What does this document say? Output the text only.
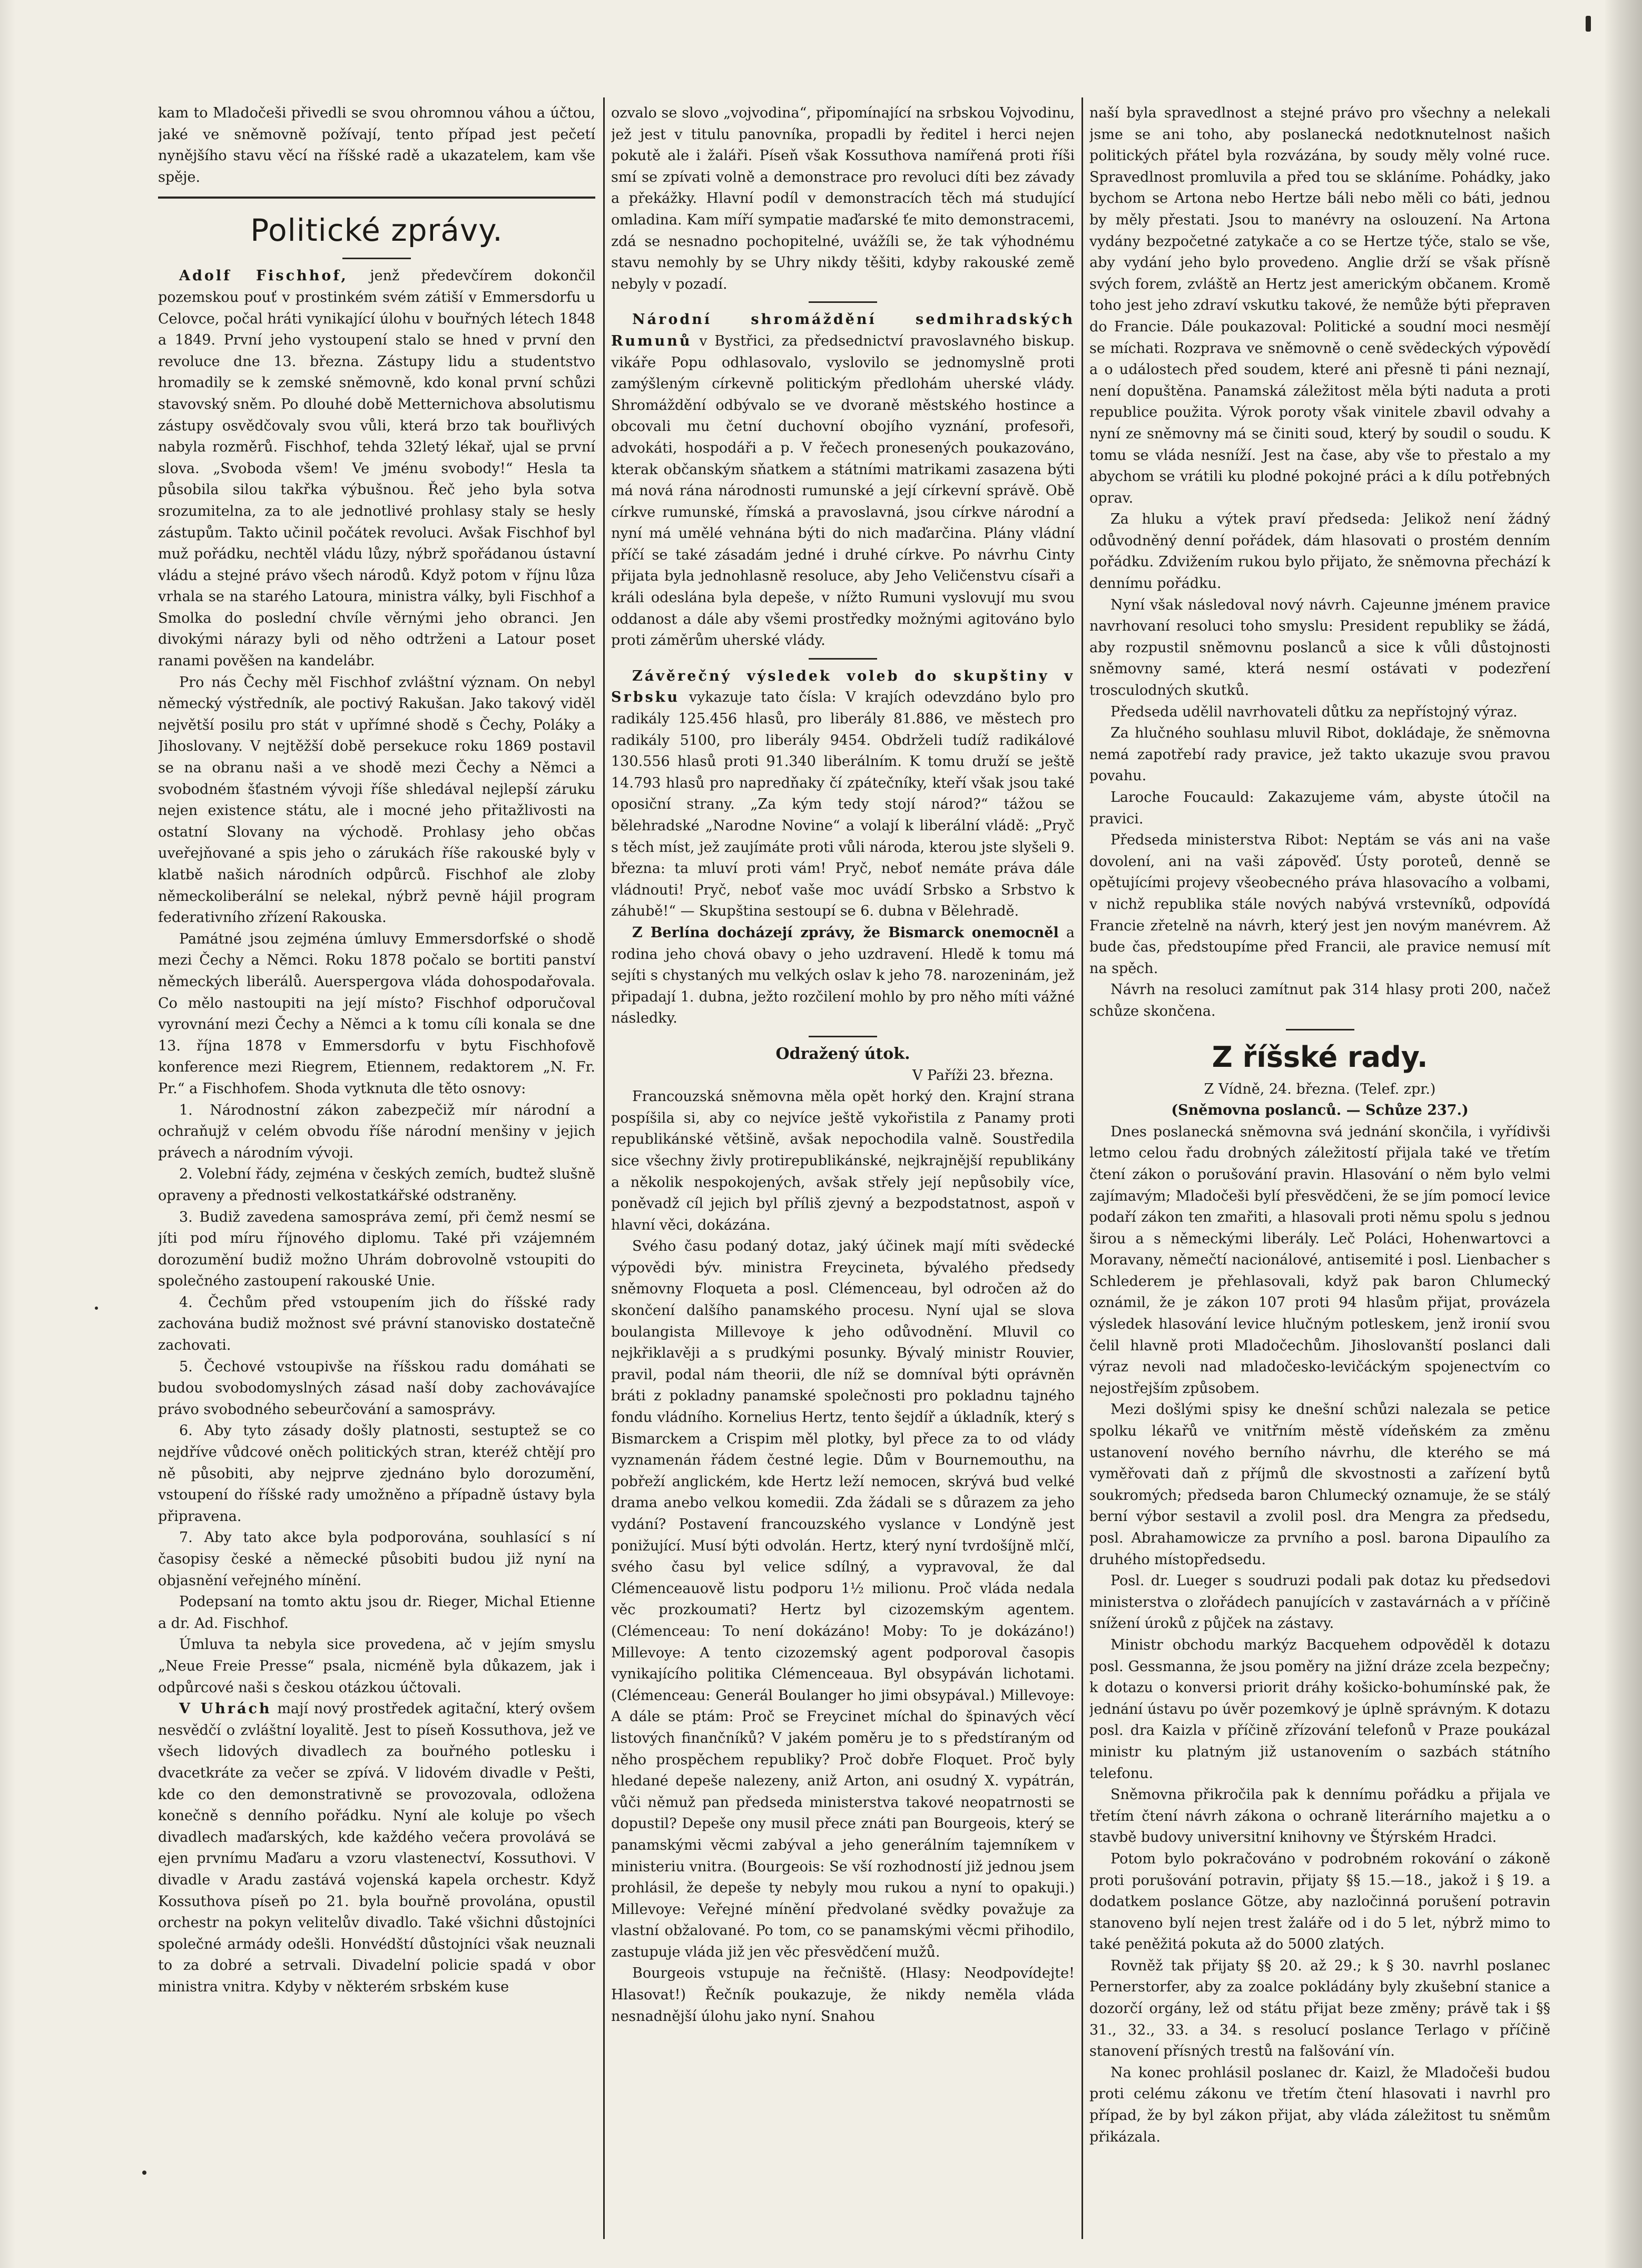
kam to Mladočeši přivedli se svou ohromnou váhou a účtou, jaké ve sněmovně požívají, tento případ jest pečetí nynějšího stavu věcí na říšské radě a ukazatelem, kam vše spěje.

Politické zprávy.

Adolf Fischhof, jenž předevčírem dokončil pozemskou pouť v prostinkém svém zátiší v Emmersdorfu u Celovce, počal hráti vynikající úlohu v bouřných létech 1848 a 1849. První jeho vystoupení stalo se hned v první den revoluce dne 13. března. Zástupy lidu a studentstvo hromadily se k zemské sněmovně, kdo konal první schůzi stavovský sněm. Po dlouhé době Metternichova absolutismu zástupy osvědčovaly svou vůli, která brzo tak bouřlivých nabyla rozměrů. Fischhof, tehda 32letý lékař, ujal se první slova. „Svoboda všem! Ve jménu svobody!“ Hesla ta působila silou takřka výbušnou. Řeč jeho byla sotva srozumitelna, za to ale jednotlivé prohlasy staly se hesly zástupům. Takto učinil počátek revoluci. Avšak Fischhof byl muž pořádku, nechtěl vládu lůzy, nýbrž spořádanou ústavní vládu a stejné právo všech národů. Když potom v říjnu lůza vrhala se na starého Latoura, ministra války, byli Fischhof a Smolka do poslední chvíle věrnými jeho obranci. Jen divokými nárazy byli od něho odtrženi a Latour poset ranami pověšen na kandelábr.

Pro nás Čechy měl Fischhof zvláštní význam. On nebyl německý výstředník, ale poctivý Rakušan. Jako takový viděl největší posilu pro stát v upřímné shodě s Čechy, Poláky a Jihoslovany. V nejtěžší době persekuce roku 1869 postavil se na obranu naši a ve shodě mezi Čechy a Němci a svobodném šťastném vývoji říše shledával nejlepší záruku nejen existence státu, ale i mocné jeho přitažlivosti na ostatní Slovany na východě. Prohlasy jeho občas uveřejňované a spis jeho o zárukách říše rakouské byly v klatbě našich národních odpůrců. Fischhof ale zloby německoliberální se nelekal, nýbrž pevně hájil program federativního zřízení Rakouska.

Památné jsou zejména úmluvy Emmersdorfské o shodě mezi Čechy a Němci. Roku 1878 počalo se bortiti panství německých liberálů. Auerspergova vláda dohospodařovala. Co mělo nastoupiti na její místo? Fischhof odporučoval vyrovnání mezi Čechy a Němci a k tomu cíli konala se dne 13. října 1878 v Emmersdorfu v bytu Fischhofově konference mezi Riegrem, Etiennem, redaktorem „N. Fr. Pr.“ a Fischhofem. Shoda vytknuta dle těto osnovy:

1. Národnostní zákon zabezpečiž mír národní a ochraňujž v celém obvodu říše národní menšiny v jejich právech a národním vývoji.

2. Volební řády, zejména v českých zemích, budtež slušně opraveny a přednosti velkostatkářské odstraněny.

3. Budiž zavedena samospráva zemí, při čemž nesmí se jíti pod míru říjnového diplomu. Také při vzájemném dorozumění budiž možno Uhrám dobrovolně vstoupiti do společného zastoupení rakouské Unie.

4. Čechům před vstoupením jich do říšské rady zachována budiž možnost své právní stanovisko dostatečně zachovati.

5. Čechové vstoupivše na říšskou radu domáhati se budou svobodomyslných zásad naší doby zachovávajíce právo svobodného sebeurčování a samosprávy.

6. Aby tyto zásady došly platnosti, sestuptež se co nejdříve vůdcové oněch politických stran, kteréž chtějí pro ně působiti, aby nejprve zjednáno bylo dorozumění, vstoupení do říšské rady umožněno a případně ústavy byla připravena.

7. Aby tato akce byla podporována, souhlasící s ní časopisy české a německé působiti budou již nyní na objasnění veřejného mínění.

Podepsaní na tomto aktu jsou dr. Rieger, Michal Etienne a dr. Ad. Fischhof.

Úmluva ta nebyla sice provedena, ač v jejím smyslu „Neue Freie Presse“ psala, nicméně byla důkazem, jak i odpůrcové naši s českou otázkou účtovali.

V Uhrách mají nový prostředek agitační, který ovšem nesvědčí o zvláštní loyalitě. Jest to píseň Kossuthova, jež ve všech lidových divadlech za bouřného potlesku i dvacetkráte za večer se zpívá. V lidovém divadle v Pešti, kde co den demonstrativně se provozovala, odložena konečně s denního pořádku. Nyní ale koluje po všech divadlech maďarských, kde každého večera provolává se ejen prvnímu Maďaru a vzoru vlastenectví, Kossuthovi. V divadle v Aradu zastává vojenská kapela orchestr. Když Kossuthova píseň po 21. byla bouřně provolána, opustil orchestr na pokyn velitelův divadlo. Také všichni důstojníci společné armády odešli. Honvédští důstojníci však neuznali to za dobré a setrvali. Divadelní policie spadá v obor ministra vnitra. Kdyby v některém srbském kuse

ozvalo se slovo „vojvodina“, připomínající na srbskou Vojvodinu, jež jest v titulu panovníka, propadli by ředitel i herci nejen pokutě ale i žaláři. Píseň však Kossuthova namířená proti říši smí se zpívati volně a demonstrace pro revoluci díti bez závady a překážky. Hlavní podíl v demonstracích těch má studující omladina. Kam míří sympatie maďarské ťe mito demonstracemi, zdá se nesnadno pochopitelné, uvážíli se, že tak výhodnému stavu nemohly by se Uhry nikdy těšiti, kdyby rakouské země nebyly v pozadí.

Národní shromáždění sedmihradských Rumunů v Bystřici, za předsednictví pravoslavného biskup. vikáře Popu odhlasovalo, vyslovilo se jednomyslně proti zamýšleným církevně politickým předlohám uherské vlády. Shromáždění odbývalo se ve dvoraně městského hostince a obcovali mu četní duchovní obojího vyznání, profesoři, advokáti, hospodáři a p. V řečech pronesených poukazováno, kterak občanským sňatkem a státními matrikami zasazena býti má nová rána národnosti rumunské a její církevní správě. Obě církve rumunské, římská a pravoslavná, jsou církve národní a nyní má umělé vehnána býti do nich maďarčina. Plány vládní příčí se také zásadám jedné i druhé církve. Po návrhu Cinty přijata byla jednohlasně resoluce, aby Jeho Veličenstvu císaři a králi odeslána byla depeše, v nížto Rumuni vyslovují mu svou oddanost a dále aby všemi prostředky možnými agitováno bylo proti záměrům uherské vlády.

Závěrečný výsledek voleb do skupštiny v Srbsku vykazuje tato čísla: V krajích odevzdáno bylo pro radikály 125.456 hlasů, pro liberály 81.886, ve městech pro radikály 5100, pro liberály 9454. Obdrželi tudíž radikálové 130.556 hlasů proti 91.340 liberálním. K tomu druží se ještě 14.793 hlasů pro napredňaky čí zpátečníky, kteří však jsou také oposiční strany. „Za kým tedy stojí národ?“ tážou se bělehradské „Narodne Novine“ a volají k liberální vládě: „Pryč s těch míst, jež zaujímáte proti vůli národa, kterou jste slyšeli 9. března: ta mluví proti vám! Pryč, neboť nemáte práva dále vládnouti! Pryč, neboť vaše moc uvádí Srbsko a Srbstvo k záhubě!“ — Skupština sestoupí se 6. dubna v Bělehradě.

Z Berlína docházejí zprávy, že Bismarck onemocněl a rodina jeho chová obavy o jeho uzdravení. Hledě k tomu má sejíti s chystaných mu velkých oslav k jeho 78. narozeninám, jež připadají 1. dubna, ježto rozčilení mohlo by pro něho míti vážné následky.

Odražený útok.

V Paříži 23. března.

Francouzská sněmovna měla opět horký den. Krajní strana pospíšila si, aby co nejvíce ještě vykořistila z Panamy proti republikánské většině, avšak nepochodila valně. Soustředila sice všechny živly protirepublikánské, nejkrajnější republikány a několik nespokojených, avšak střely její nepůsobily více, poněvadž cíl jejich byl příliš zjevný a bezpodstatnost, aspoň v hlavní věci, dokázána.

Svého času podaný dotaz, jaký účinek mají míti svědecké výpovědi býv. ministra Freycineta, bývalého předsedy sněmovny Floqueta a posl. Clémenceau, byl odročen až do skončení dalšího panamského procesu. Nyní ujal se slova boulangista Millevoye k jeho odůvodnění. Mluvil co nejkřiklavěji a s prudkými posunky. Bývalý ministr Rouvier, pravil, podal nám theorii, dle níž se domníval býti oprávněn bráti z pokladny panamské společnosti pro pokladnu tajného fondu vládního. Kornelius Hertz, tento šejdíř a úkladník, který s Bismarckem a Crispim měl plotky, byl přece za to od vlády vyznamenán řádem čestné legie. Dům v Bournemouthu, na pobřeží anglickém, kde Hertz leží nemocen, skrývá bud velké drama anebo velkou komedii. Zda žádali se s důrazem za jeho vydání? Postavení francouzského vyslance v Londýně jest ponižující. Musí býti odvolán. Hertz, který nyní tvrdošíjně mlčí, svého času byl velice sdílný, a vypravoval, že dal Clémenceauově listu podporu 1½ milionu. Proč vláda nedala věc prozkoumati? Hertz byl cizozemským agentem. (Clémenceau: To není dokázáno! Moby: To je dokázáno!) Millevoye: A tento cizozemský agent podporoval časopis vynikajícího politika Clémenceaua. Byl obsypáván lichotami. (Clémenceau: Generál Boulanger ho jimi obsypával.) Millevoye: A dále se ptám: Proč se Freycinet míchal do špinavých věcí listových finančníků? V jakém poměru je to s předstíraným od něho prospěchem republiky? Proč dobře Floquet. Proč byly hledané depeše nalezeny, aniž Arton, ani osudný X. vypátrán, vůči němuž pan předseda ministerstva takové neopatrnosti se dopustil? Depeše ony musil přece znáti pan Bourgeois, který se panamskými věcmi zabýval a jeho generálním tajemníkem v ministeriu vnitra. (Bourgeois: Se vší rozhodností již jednou jsem prohlásil, že depeše ty nebyly mou rukou a nyní to opakuji.) Millevoye: Veřejné mínění předvolané svědky považuje za vlastní obžalované. Po tom, co se panamskými věcmi přihodilo, zastupuje vláda již jen věc přesvědčení mužů.

Bourgeois vstupuje na řečniště. (Hlasy: Neodpovídejte! Hlasovat!) Řečník poukazuje, že nikdy neměla vláda nesnadnější úlohu jako nyní. Snahou

naší byla spravedlnost a stejné právo pro všechny a nelekali jsme se ani toho, aby poslanecká nedotknutelnost našich politických přátel byla rozvázána, by soudy měly volné ruce. Spravedlnost promluvila a před tou se skláníme. Pohádky, jako bychom se Artona nebo Hertze báli nebo měli co báti, jednou by měly přestati. Jsou to manévry na oslouzení. Na Artona vydány bezpočetné zatykače a co se Hertze týče, stalo se vše, aby vydání jeho bylo provedeno. Anglie drží se však přísně svých forem, zvláště an Hertz jest americkým občanem. Kromě toho jest jeho zdraví vskutku takové, že nemůže býti přepraven do Francie. Dále poukazoval: Politické a soudní moci nesmějí se míchati. Rozprava ve sněmovně o ceně svědeckých výpovědí a o událostech před soudem, které ani přesně ti páni neznají, není dopuštěna. Panamská záležitost měla býti naduta a proti republice použita. Výrok poroty však vinitele zbavil odvahy a nyní ze sněmovny má se činiti soud, který by soudil o soudu. K tomu se vláda nesníží. Jest na čase, aby vše to přestalo a my abychom se vrátili ku plodné pokojné práci a k dílu potřebných oprav.

Za hluku a výtek praví předseda: Jelikož není žádný odůvodněný denní pořádek, dám hlasovati o prostém denním pořádku. Zdvižením rukou bylo přijato, že sněmovna přechází k dennímu pořádku.

Nyní však následoval nový návrh. Cajeunne jménem pravice navrhovaní resoluci toho smyslu: President republiky se žádá, aby rozpustil sněmovnu poslanců a sice k vůli důstojnosti sněmovny samé, která nesmí ostávati v podezření trosculodných skutků.

Předseda udělil navrhovateli důtku za nepřístojný výraz.

Za hlučného souhlasu mluvil Ribot, dokládaje, že sněmovna nemá zapotřebí rady pravice, jež takto ukazuje svou pravou povahu.

Laroche Foucauld: Zakazujeme vám, abyste útočil na pravici.

Předseda ministerstva Ribot: Neptám se vás ani na vaše dovolení, ani na vaši zápověď. Ústy poroteů, denně se opětujícími projevy všeobecného práva hlasovacího a volbami, v nichž republika stále nových nabývá vrstevníků, odpovídá Francie zřetelně na návrh, který jest jen novým manévrem. Až bude čas, předstoupíme před Francii, ale pravice nemusí mít na spěch.

Návrh na resoluci zamítnut pak 314 hlasy proti 200, načež schůze skončena.

Z říšské rady.

Z Vídně, 24. března. (Telef. zpr.)

(Sněmovna poslanců. — Schůze 237.)

Dnes poslanecká sněmovna svá jednání skončila, i vyřídivši letmo celou řadu drobných záležitostí přijala také ve třetím čtení zákon o porušování pravin. Hlasování o něm bylo velmi zajímavým; Mladočeši bylí přesvědčeni, že se jím pomocí levice podaří zákon ten zmařiti, a hlasovali proti němu spolu s jednou širou a s německými liberály. Leč Poláci, Hohenwartovci a Moravany, němečtí nacionálové, antisemité i posl. Lienbacher s Schlederem je přehlasovali, když pak baron Chlumecký oznámil, že je zákon 107 proti 94 hlasům přijat, provázela výsledek hlasování levice hlučným potleskem, jenž ironií svou čelil hlavně proti Mladočechům. Jihoslovanští poslanci dali výraz nevoli nad mladočesko-levičáckým spojenectvím co nejostřejším způsobem.

Mezi došlými spisy ke dnešní schůzi nalezala se petice spolku lékařů ve vnitřním městě vídeňském za změnu ustanovení nového berního návrhu, dle kterého se má vyměřovati daň z příjmů dle skvostnosti a zařízení bytů soukromých; předseda baron Chlumecký oznamuje, že se stálý berní výbor sestavil a zvolil posl. dra Mengra za předsedu, posl. Abrahamowicze za prvního a posl. barona Dipaulího za druhého místopředsedu.

Posl. dr. Lueger s soudruzi podali pak dotaz ku předsedovi ministerstva o zlořádech panujících v zastavárnách a v příčině snížení úroků z půjček na zástavy.

Ministr obchodu markýz Bacquehem odpověděl k dotazu posl. Gessmanna, že jsou poměry na jižní dráze zcela bezpečny; k dotazu o konversi priorit dráhy košicko-bohumínské pak, že jednání ústavu po úvěr pozemkový je úplně správným. K dotazu posl. dra Kaizla v příčině zřízování telefonů v Praze poukázal ministr ku platným již ustanovením o sazbách státního telefonu.

Sněmovna přikročila pak k dennímu pořádku a přijala ve třetím čtení návrh zákona o ochraně literárního majetku a o stavbě budovy universitní knihovny ve Štýrském Hradci.

Potom bylo pokračováno v podrobném rokování o zákoně proti porušování potravin, přijaty §§ 15.—18., jakož i § 19. a dodatkem poslance Götze, aby nazločinná porušení potravin stanoveno bylí nejen trest žaláře od i do 5 let, nýbrž mimo to také peněžitá pokuta až do 5000 zlatých.

Rovněž tak přijaty §§ 20. až 29.; k § 30. navrhl poslanec Pernerstorfer, aby za zoalce pokládány byly zkušební stanice a dozorčí orgány, lež od státu přijat beze změny; právě tak i §§ 31., 32., 33. a 34. s resolucí poslance Terlago v příčině stanovení přísných trestů na falšování vín.

Na konec prohlásil poslanec dr. Kaizl, že Mladočeši budou proti celému zákonu ve třetím čtení hlasovati i navrhl pro případ, že by byl zákon přijat, aby vláda záležitost tu sněmům přikázala.
